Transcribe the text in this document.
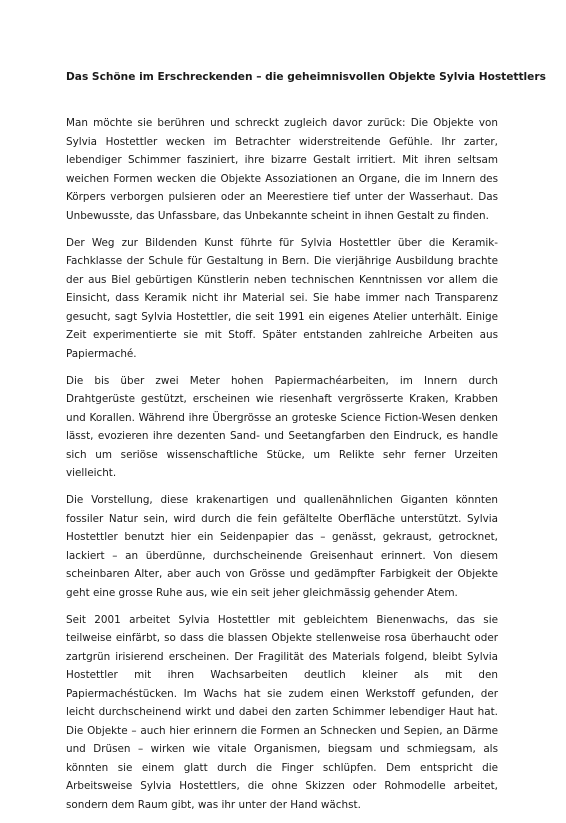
Das Schöne im Erschreckenden – die geheimnisvollen Objekte Sylvia Hostettlers

Man möchte sie berühren und schreckt zugleich davor zurück: Die Objekte von Sylvia Hostettler wecken im Betrachter widerstreitende Gefühle. Ihr zarter, lebendiger Schimmer fasziniert, ihre bizarre Gestalt irritiert. Mit ihren seltsam weichen Formen wecken die Objekte Assoziationen an Organe, die im Innern des Körpers verborgen pulsieren oder an Meerestiere tief unter der Wasserhaut. Das Unbewusste, das Unfassbare, das Unbekannte scheint in ihnen Gestalt zu finden.

Der Weg zur Bildenden Kunst führte für Sylvia Hostettler über die Keramik-Fachklasse der Schule für Gestaltung in Bern. Die vierjährige Ausbildung brachte der aus Biel gebürtigen Künstlerin neben technischen Kenntnissen vor allem die Einsicht, dass Keramik nicht ihr Material sei. Sie habe immer nach Transparenz gesucht, sagt Sylvia Hostettler, die seit 1991 ein eigenes Atelier unterhält. Einige Zeit experimentierte sie mit Stoff. Später entstanden zahlreiche Arbeiten aus Papiermaché.

Die bis über zwei Meter hohen Papiermachéarbeiten, im Innern durch Drahtgerüste gestützt, erscheinen wie riesenhaft vergrösserte Kraken, Krabben und Korallen. Während ihre Übergrösse an groteske Science Fiction-Wesen denken lässt, evozieren ihre dezenten Sand- und Seetangfarben den Eindruck, es handle sich um seriöse wissenschaftliche Stücke, um Relikte sehr ferner Urzeiten vielleicht.

Die Vorstellung, diese krakenartigen und quallenähnlichen Giganten könnten fossiler Natur sein, wird durch die fein gefältelte Oberfläche unterstützt. Sylvia Hostettler benutzt hier ein Seidenpapier das – genässt, gekraust, getrocknet, lackiert – an überdünne, durchscheinende Greisenhaut erinnert. Von diesem scheinbaren Alter, aber auch von Grösse und gedämpfter Farbigkeit der Objekte geht eine grosse Ruhe aus, wie ein seit jeher gleichmässig gehender Atem.

Seit 2001 arbeitet Sylvia Hostettler mit gebleichtem Bienenwachs, das sie teilweise einfärbt, so dass die blassen Objekte stellenweise rosa überhaucht oder zartgrün irisierend erscheinen. Der Fragilität des Materials folgend, bleibt Sylvia Hostettler mit ihren Wachsarbeiten deutlich kleiner als mit den Papiermachéstücken. Im Wachs hat sie zudem einen Werkstoff gefunden, der leicht durchscheinend wirkt und dabei den zarten Schimmer lebendiger Haut hat. Die Objekte – auch hier erinnern die Formen an Schnecken und Sepien, an Därme und Drüsen – wirken wie vitale Organismen, biegsam und schmiegsam, als könnten sie einem glatt durch die Finger schlüpfen. Dem entspricht die Arbeitsweise Sylvia Hostettlers, die ohne Skizzen oder Rohmodelle arbeitet, sondern dem Raum gibt, was ihr unter der Hand wächst.
